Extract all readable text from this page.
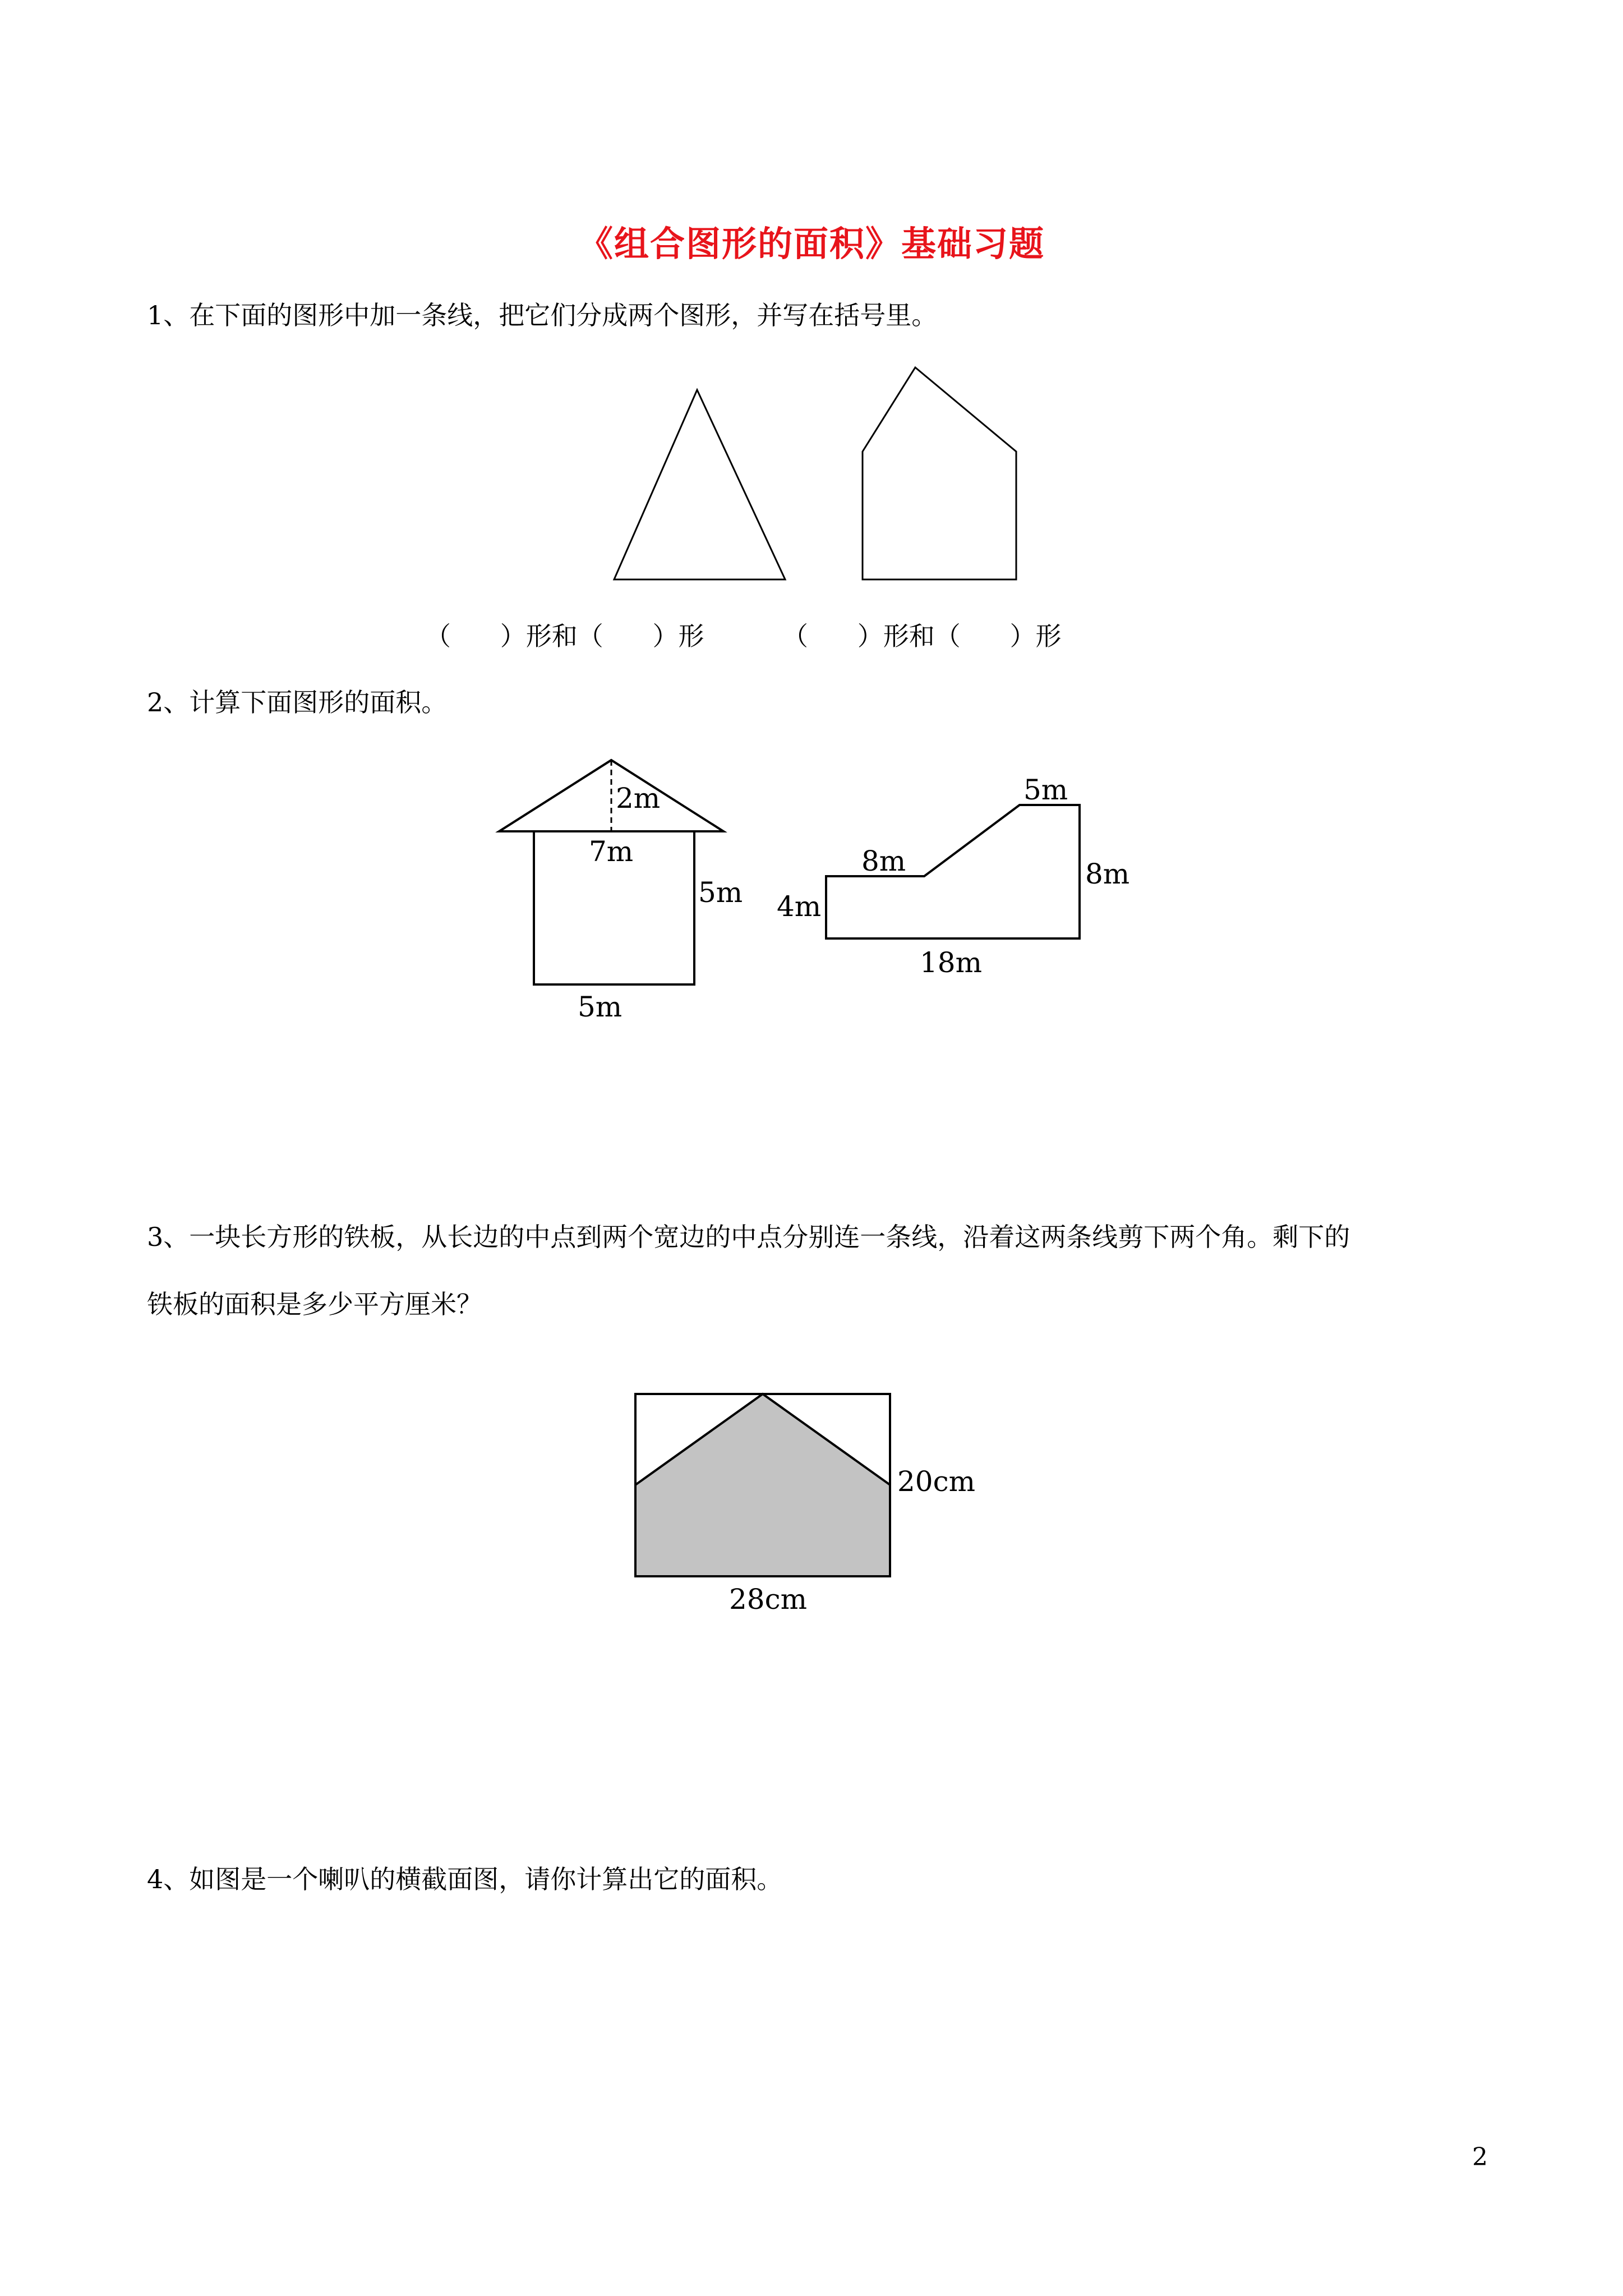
《组合图形的面积》基础习题
1、在下面的图形中加一条线，把它们分成两个图形，并写在括号里。
（      ）形和（      ）形	（      ）形和（      ）形
2、计算下面图形的面积。
2m
7m
5m
5m
5m
8m
4m
8m
18m
3、一块长方形的铁板，从长边的中点到两个宽边的中点分别连一条线，沿着这两条线剪下两个角。剩下的
铁板的面积是多少平方厘米？
20cm
28cm
4、如图是一个喇叭的横截面图，请你计算出它的面积。
2
